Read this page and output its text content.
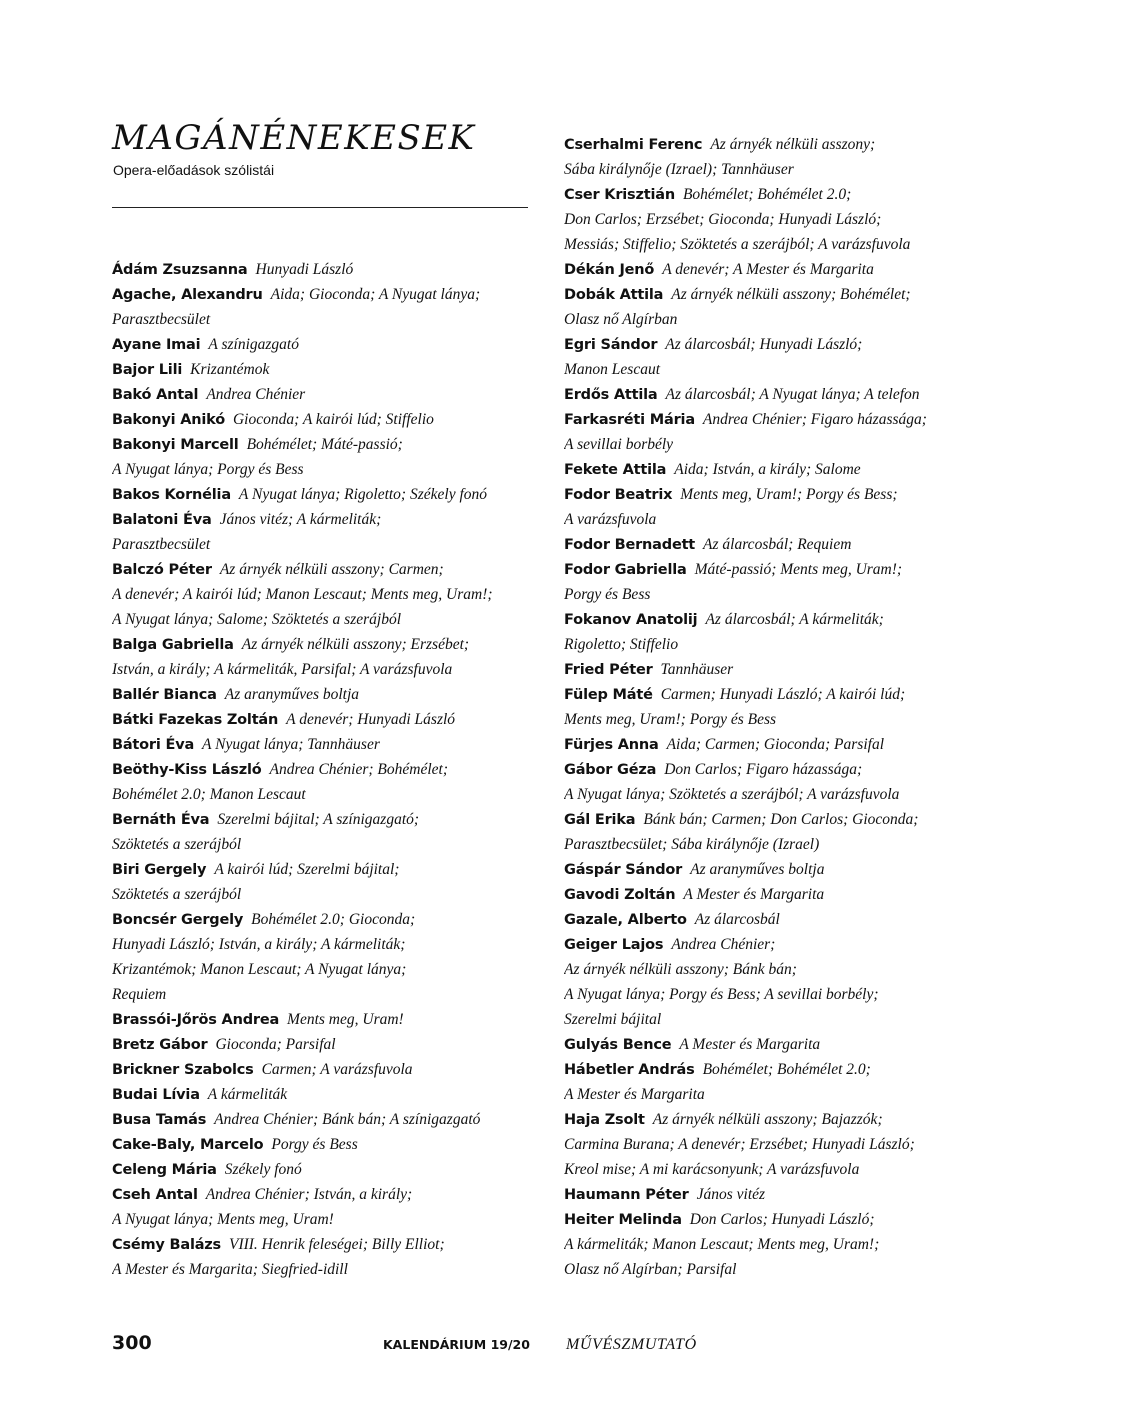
MAGÁNÉNEKESEK
Opera-előadások szólistái
Ádám Zsuzsanna Hunyadi László
Agache, Alexandru Aida; Gioconda; A Nyugat lánya;
Parasztbecsület
Ayane Imai A színigazgató
Bajor Lili Krizantémok
Bakó Antal Andrea Chénier
Bakonyi Anikó Gioconda; A kairói lúd; Stiffelio
Bakonyi Marcell Bohémélet; Máté-passió;
A Nyugat lánya; Porgy és Bess
Bakos Kornélia A Nyugat lánya; Rigoletto; Székely fonó
Balatoni Éva János vitéz; A kármeliták;
Parasztbecsület
Balczó Péter Az árnyék nélküli asszony; Carmen;
A denevér; A kairói lúd; Manon Lescaut; Ments meg, Uram!;
A Nyugat lánya; Salome; Szöktetés a szerájból
Balga Gabriella Az árnyék nélküli asszony; Erzsébet;
István, a király; A kármeliták, Parsifal; A varázsfuvola
Ballér Bianca Az aranyműves boltja
Bátki Fazekas Zoltán A denevér; Hunyadi László
Bátori Éva A Nyugat lánya; Tannhäuser
Beöthy-Kiss László Andrea Chénier; Bohémélet;
Bohémélet 2.0; Manon Lescaut
Bernáth Éva Szerelmi bájital; A színigazgató;
Szöktetés a szerájból
Biri Gergely A kairói lúd; Szerelmi bájital;
Szöktetés a szerájból
Boncsér Gergely Bohémélet 2.0; Gioconda;
Hunyadi László; István, a király; A kármeliták;
Krizantémok; Manon Lescaut; A Nyugat lánya;
Requiem
Brassói-Jőrös Andrea Ments meg, Uram!
Bretz Gábor Gioconda; Parsifal
Brickner Szabolcs Carmen; A varázsfuvola
Budai Lívia A kármeliták
Busa Tamás Andrea Chénier; Bánk bán; A színigazgató
Cake-Baly, Marcelo Porgy és Bess
Celeng Mária Székely fonó
Cseh Antal Andrea Chénier; István, a király;
A Nyugat lánya; Ments meg, Uram!
Csémy Balázs VIII. Henrik feleségei; Billy Elliot;
A Mester és Margarita; Siegfried-idill
Cserhalmi Ferenc Az árnyék nélküli asszony;
Sába királynője (Izrael); Tannhäuser
Cser Krisztián Bohémélet; Bohémélet 2.0;
Don Carlos; Erzsébet; Gioconda; Hunyadi László;
Messiás; Stiffelio; Szöktetés a szerájból; A varázsfuvola
Dékán Jenő A denevér; A Mester és Margarita
Dobák Attila Az árnyék nélküli asszony; Bohémélet;
Olasz nő Algírban
Egri Sándor Az álarcosbál; Hunyadi László;
Manon Lescaut
Erdős Attila Az álarcosbál; A Nyugat lánya; A telefon
Farkasréti Mária Andrea Chénier; Figaro házassága;
A sevillai borbély
Fekete Attila Aida; István, a király; Salome
Fodor Beatrix Ments meg, Uram!; Porgy és Bess;
A varázsfuvola
Fodor Bernadett Az álarcosbál; Requiem
Fodor Gabriella Máté-passió; Ments meg, Uram!;
Porgy és Bess
Fokanov Anatolij Az álarcosbál; A kármeliták;
Rigoletto; Stiffelio
Fried Péter Tannhäuser
Fülep Máté Carmen; Hunyadi László; A kairói lúd;
Ments meg, Uram!; Porgy és Bess
Fürjes Anna Aida; Carmen; Gioconda; Parsifal
Gábor Géza Don Carlos; Figaro házassága;
A Nyugat lánya; Szöktetés a szerájból; A varázsfuvola
Gál Erika Bánk bán; Carmen; Don Carlos; Gioconda;
Parasztbecsület; Sába királynője (Izrael)
Gáspár Sándor Az aranyműves boltja
Gavodi Zoltán A Mester és Margarita
Gazale, Alberto Az álarcosbál
Geiger Lajos Andrea Chénier;
Az árnyék nélküli asszony; Bánk bán;
A Nyugat lánya; Porgy és Bess; A sevillai borbély;
Szerelmi bájital
Gulyás Bence A Mester és Margarita
Hábetler András Bohémélet; Bohémélet 2.0;
A Mester és Margarita
Haja Zsolt Az árnyék nélküli asszony; Bajazzók;
Carmina Burana; A denevér; Erzsébet; Hunyadi László;
Kreol mise; A mi karácsonyunk; A varázsfuvola
Haumann Péter János vitéz
Heiter Melinda Don Carlos; Hunyadi László;
A kármeliták; Manon Lescaut; Ments meg, Uram!;
Olasz nő Algírban; Parsifal
300	KALENDÁRIUM 19/20 MŰVÉSZMUTATÓ
